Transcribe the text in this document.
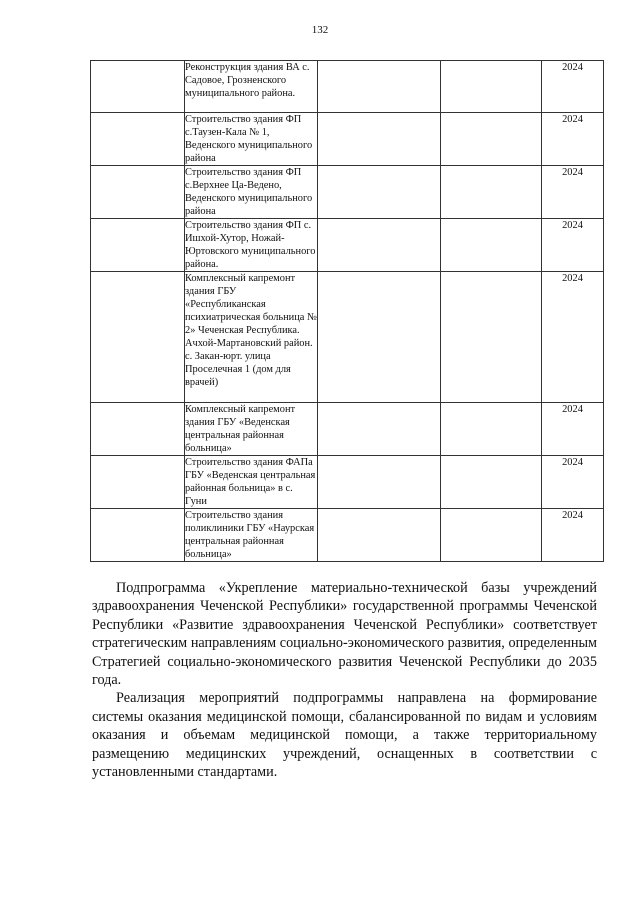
132
	Реконструкция здания ВА с. Садовое, Грозненского муниципального района.			2024
	Строительство здания ФП с.Таузен-Кала № 1, Веденского муниципального района			2024
	Строительство здания ФП с.Верхнее Ца-Ведено, Веденского муниципального района			2024
	Строительство здания ФП с. Ишхой-Хутор, Ножай-Юртовского муниципального района.			2024
	Комплексный капремонт здания ГБУ «Республиканская психиатрическая больница № 2» Чеченская Республика. Ачхой-Мартановский район. с. Закан-юрт. улица Проселечная 1 (дом для врачей)			2024
	Комплексный капремонт здания ГБУ «Веденская центральная районная больница»			2024
	Строительство здания ФАПа ГБУ «Веденская центральная районная больница» в с. Гуни			2024
	Строительство здания поликлиники ГБУ «Наурская центральная районная больница»			2024

Подпрограмма «Укрепление материально-технической базы учреждений здравоохранения Чеченской Республики» государственной программы Чеченской Республики «Развитие здравоохранения Чеченской Республики» соответствует стратегическим направлениям социально-экономического развития, определенным Стратегией социально-экономического развития Чеченской Республики до 2035 года.

Реализация мероприятий подпрограммы направлена на формирование системы оказания медицинской помощи, сбалансированной по видам и условиям оказания и объемам медицинской помощи, а также территориальному размещению медицинских учреждений, оснащенных в соответствии с установленными стандартами.
